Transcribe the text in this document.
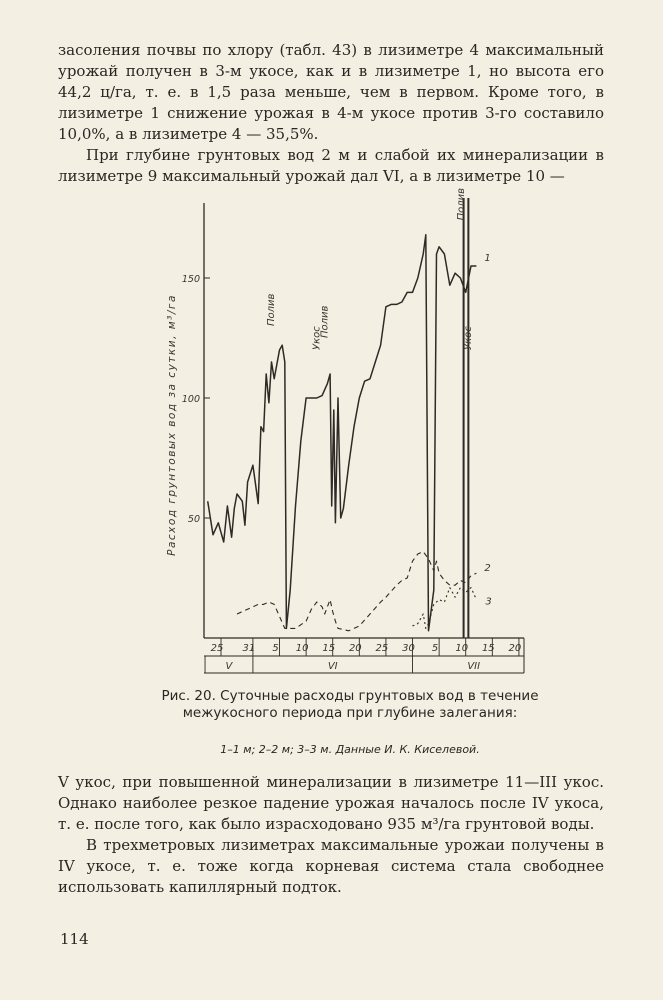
засоления почвы по хлору (табл. 43) в лизиметре 4 максимальный урожай получен в 3-м укосе, как и в лизиметре 1, но высота его 44,2 ц/га, т. е. в 1,5 раза меньше, чем в первом. Кроме того, в лизиметре 1 снижение урожая в 4-м укосе против 3-го составило 10,0%, а в лизиметре 4 — 35,5%.

При глубине грунтовых вод 2 м и слабой их минерализации в лизиметре 9 максимальный урожай дал VI, а в лизиметре 10 —

50
100
150
Расход грунтовых вод за сутки, м³/га
25 31 5 10 15 20 25 30 5 10 15 20
V	VI	VII
Полив
Укос
Полив
Полив
Укос
1
2
3
Рис. 20. Суточные расходы грунтовых вод в течение межукосного периода при глубине залегания:
1–1 м; 2–2 м; 3–3 м. Данные И. К. Киселевой.

V укос, при повышенной минерализации в лизиметре 11—III укос. Однако наиболее резкое падение урожая началось после IV укоса, т. е. после того, как было израсходовано 935 м³/га грунтовой воды.

В трехметровых лизиметрах максимальные урожаи получены в IV укосе, т. е. тоже когда корневая система стала свободнее использовать капиллярный подток.

114
